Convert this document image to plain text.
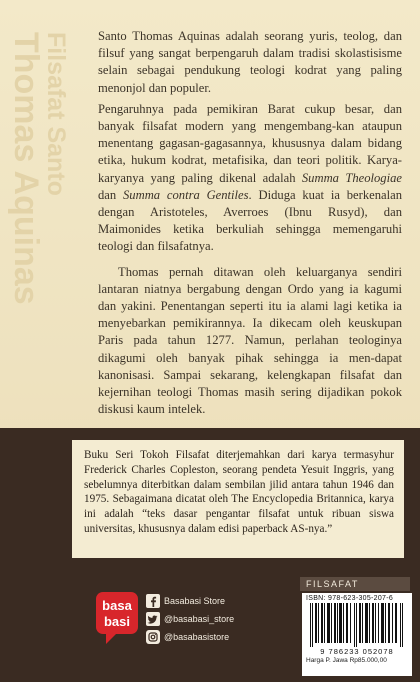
Filsafat Santo
Thomas Aquinas	Santo Thomas Aquinas adalah seorang yuris, teolog, dan filsuf yang sangat berpengaruh dalam tradisi skolastisisme selain sebagai pendukung teologi kodrat yang paling menonjol dan populer.

Pengaruhnya pada pemikiran Barat cukup besar, dan banyak filsafat modern yang mengembang-kan ataupun menentang gagasan-gagasannya, khususnya dalam bidang etika, hukum kodrat, metafisika, dan teori politik. Karya-karyanya yang paling dikenal adalah Summa Theologiae dan Summa contra Gentiles. Diduga kuat ia berkenalan dengan Aristoteles, Averroes (Ibnu Rusyd), dan Maimonides ketika berkuliah sehingga memengaruhi teologi dan filsafatnya.

Thomas pernah ditawan oleh keluarganya sendiri lantaran niatnya bergabung dengan Ordo yang ia kagumi dan yakini. Penentangan seperti itu ia alami lagi ketika ia menyebarkan pemikirannya. Ia dikecam oleh keuskupan Paris pada tahun 1277. Namun, perlahan teologinya dikagumi oleh banyak pihak sehingga ia men-dapat kanonisasi. Sampai sekarang, kelengkapan filsafat dan kejernihan teologi Thomas masih sering dijadikan pokok diskusi kaum intelek.

Buku Seri Tokoh Filsafat diterjemahkan dari karya termasyhur Frederick Charles Copleston, seorang pendeta Yesuit Inggris, yang sebelumnya diterbitkan dalam sembilan jilid antara tahun 1946 dan 1975. Sebagaimana dicatat oleh The Encyclopedia Britannica, karya ini adalah “teks dasar pengantar filsafat untuk ribuan siswa universitas, khususnya dalam edisi paperback AS-nya.”
FILSAFAT
ISBN: 978-623-305-207-6
9 786233 052078
Harga P. Jawa Rp85.000,00
basa
basi
Basabasi Store
@basabasi_store
@basabasistore
